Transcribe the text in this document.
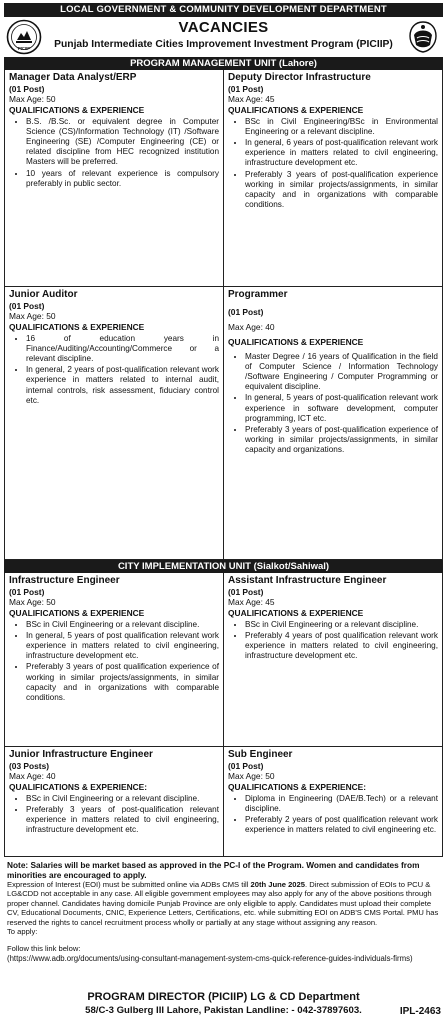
LOCAL GOVERNMENT & COMMUNITY DEVELOPMENT DEPARTMENT
PICIIP
VACANCIES
Punjab Intermediate Cities Improvement Investment Program (PICIIP)
PROGRAM MANAGEMENT UNIT (Lahore)
Manager Data Analyst/ERP
(01 Post)
Max Age: 50
QUALIFICATIONS & EXPERIENCE
• B.S. /B.Sc. or equivalent degree in Computer Science (CS)/Information Technology (IT) /Software Engineering (SE) /Computer Engineering (CE) or related discipline from HEC recognized institution Masters will be preferred.
• 10 years of relevant experience is compulsory preferably in public sector.
Deputy Director Infrastructure
(01 Post)
Max Age: 45
QUALIFICATIONS & EXPERIENCE
• BSc in Civil Engineering/BSc in Environmental Engineering or a relevant discipline.
• In general, 6 years of post-qualification relevant work experience in matters related to civil engineering, infrastructure development etc.
• Preferably 3 years of post-qualification experience working in similar projects/assignments, in similar capacity and in organizations with comparable conditions.
Junior Auditor
(01 Post)
Max Age: 50
QUALIFICATIONS & EXPERIENCE
• 16 of education years in Finance/Auditing/Accounting/Commerce or a relevant discipline.
• In general, 2 years of post-qualification relevant work experience in matters related to internal audit, internal controls, risk assessment, fiduciary control etc.
Programmer
(01 Post)
Max Age: 40
QUALIFICATIONS & EXPERIENCE
• Master Degree / 16 years of Qualification in the field of Computer Science / Information Technology /Software Engineering / Computer Programming or equivalent discipline.
• In general, 5 years of post-qualification relevant work experience in software development, computer programming, ICT etc.
• Preferably 3 years of post-qualification experience of working in similar projects/assignments, in similar capacity and organizations.
CITY IMPLEMENTATION UNIT (Sialkot/Sahiwal)
Infrastructure Engineer
(01 Post)
Max Age: 50
QUALIFICATIONS & EXPERIENCE
• BSc in Civil Engineering or a relevant discipline.
• In general, 5 years of post qualification relevant work experience in matters related to civil engineering, infrastructure development etc.
• Preferably 3 years of post qualification experience of working in similar projects/assignments, in similar capacity and in organizations with comparable conditions.
Assistant Infrastructure Engineer
(01 Post)
Max Age: 45
QUALIFICATIONS & EXPERIENCE
• BSc in Civil Engineering or a relevant discipline.
• Preferably 4 years of post qualification relevant work experience in matters related to civil engineering, infrastructure development etc.
Junior Infrastructure Engineer
(03 Posts)
Max Age: 40
QUALIFICATIONS & EXPERIENCE:
• BSc in Civil Engineering or a relevant discipline.
• Preferably 3 years of post-qualification relevant experience in matters related to civil engineering, infrastructure development etc.
Sub Engineer
(01 Post)
Max Age: 50
QUALIFICATIONS & EXPERIENCE:
• Diploma in Engineering (DAE/B.Tech) or a relevant discipline.
• Preferably 2 years of post qualification relevant work experience in matters related to civil engineering etc.
Note: Salaries will be market based as approved in the PC-I of the Program. Women and candidates from minorities are encouraged to apply.
Expression of Interest (EOI) must be submitted online via ADBs CMS till 20th June 2025. Direct submission of EOIs to PCU & LG&CDD not acceptable in any case. All eligible government employees may also apply for any of the above positions through proper channel. Candidates having domicile Punjab Province are only eligible to apply. Candidates must upload their complete CV, Educational Documents, CNIC, Experience Letters, Certifications, etc. while submitting EOI on ADB'S CMS Portal. PMU has reserved the rights to cancel recruitment process wholly or partially at any stage without assigning any reason.
To apply:
Follow this link below:
(https://www.adb.org/documents/using-consultant-management-system-cms-quick-reference-guides-individuals-firms)
PROGRAM DIRECTOR (PICIIP) LG & CD Department
58/C-3 Gulberg III Lahore, Pakistan Landline: - 042-37897603.	IPL-2463
